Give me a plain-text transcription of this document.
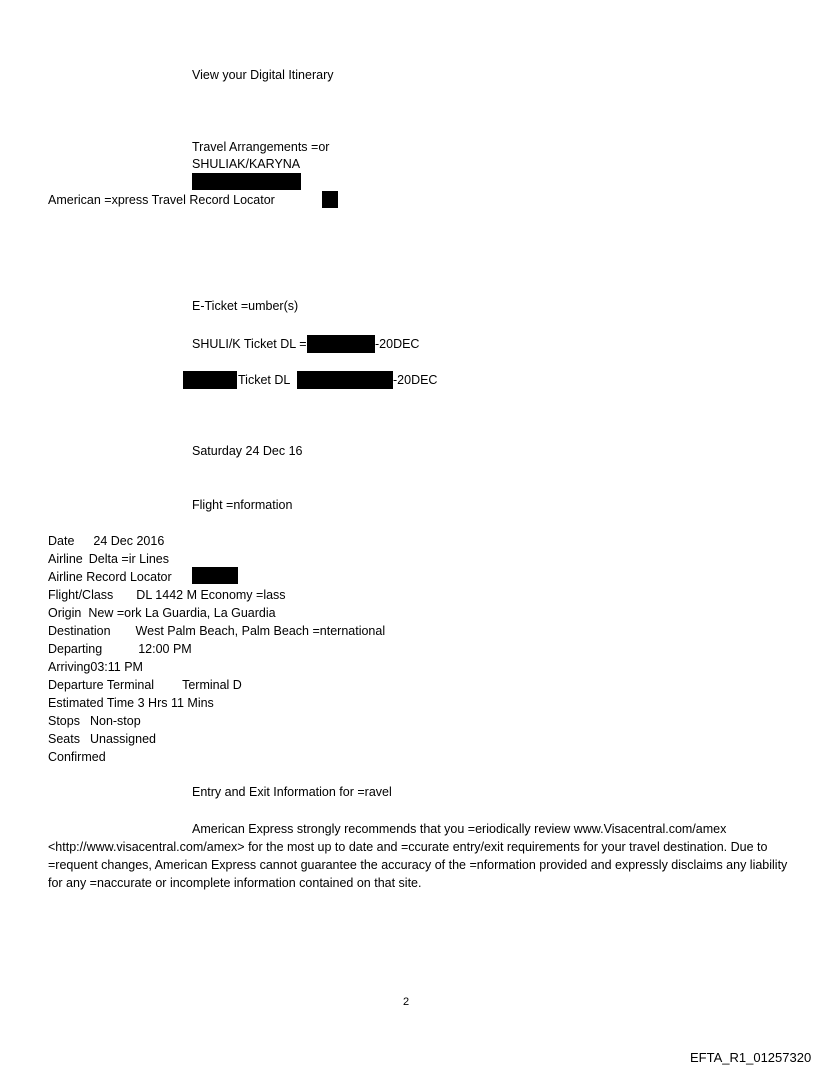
View your Digital Itinerary
Travel Arrangements =or
SHULIAK/KARYNA
American =xpress Travel Record Locator
E-Ticket =umber(s)
SHULI/K Ticket DL =	-20DEC
Ticket DL	-20DEC
Saturday 24 Dec 16
Flight =nformation
Date 24 Dec 2016
Airline Delta =ir Lines
Airline Record Locator
Flight/Class DL 1442 M Economy =lass
Origin New =ork La Guardia, La Guardia
Destination West Palm Beach, Palm Beach =nternational
Departing	12:00 PM
Arriving03:11 PM
Departure Terminal Terminal D
Estimated Time 3 Hrs 11 Mins
Stops Non-stop
Seats Unassigned
Confirmed
Entry and Exit Information for =ravel
American Express strongly recommends that you =eriodically review www.Visacentral.com/amex <http://www.visacentral.com/amex> for the most up to date and =ccurate entry/exit requirements for your travel destination. Due to =requent changes, American Express cannot guarantee the accuracy of the =nformation provided and expressly disclaims any liability for any =naccurate or incomplete information contained on that site.
2
EFTA_R1_01257320
